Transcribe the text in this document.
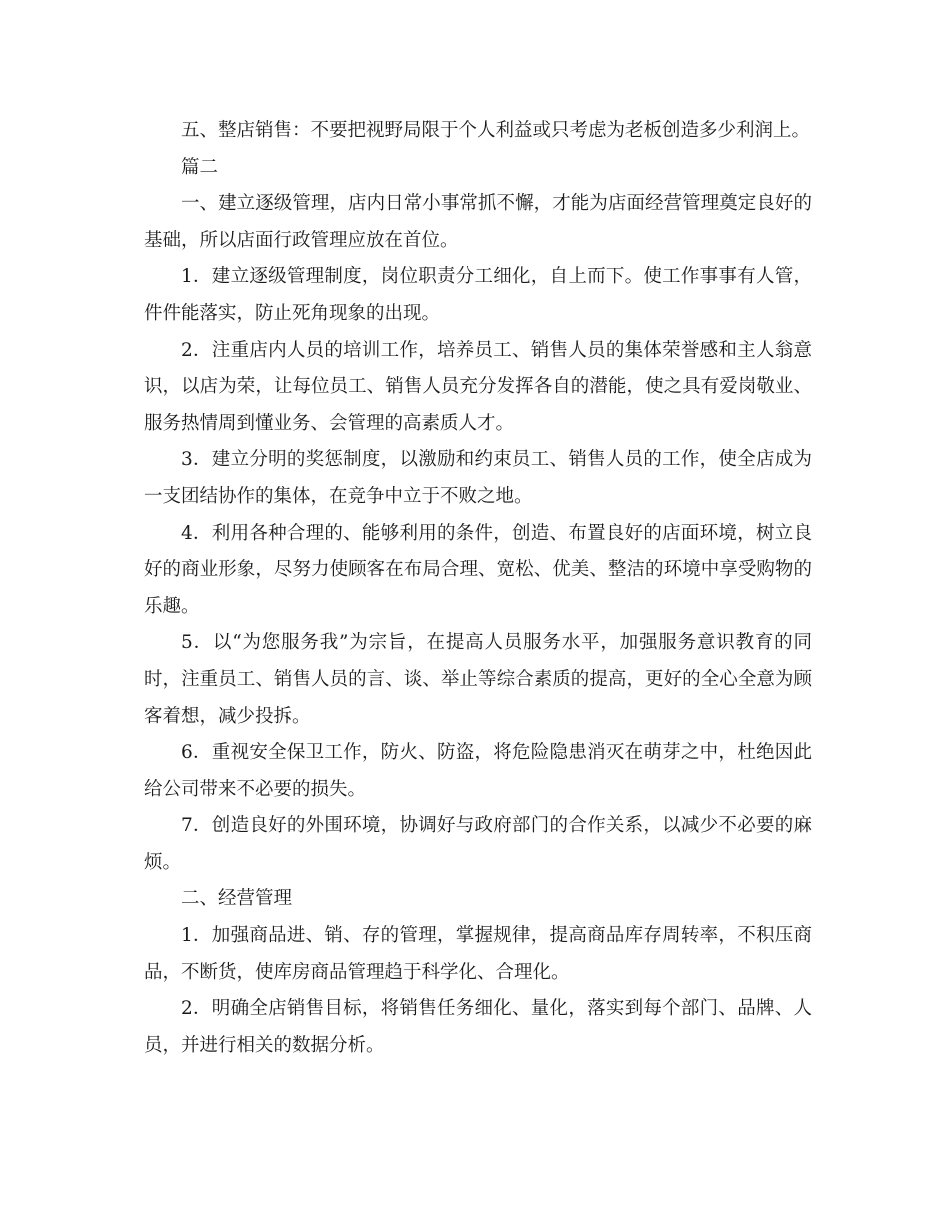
五、整店销售：不要把视野局限于个人利益或只考虑为老板创造多少利润上。

篇二

一、建立逐级管理，店内日常小事常抓不懈，才能为店面经营管理奠定良好的基础，所以店面行政管理应放在首位。

1．建立逐级管理制度，岗位职责分工细化，自上而下。使工作事事有人管，件件能落实，防止死角现象的出现。

2．注重店内人员的培训工作，培养员工、销售人员的集体荣誉感和主人翁意识，以店为荣，让每位员工、销售人员充分发挥各自的潜能，使之具有爱岗敬业、服务热情周到懂业务、会管理的高素质人才。

3．建立分明的奖惩制度，以激励和约束员工、销售人员的工作，使全店成为一支团结协作的集体，在竞争中立于不败之地。

4．利用各种合理的、能够利用的条件，创造、布置良好的店面环境，树立良好的商业形象，尽努力使顾客在布局合理、宽松、优美、整洁的环境中享受购物的乐趣。

5．以“为您服务我”为宗旨，在提高人员服务水平，加强服务意识教育的同时，注重员工、销售人员的言、谈、举止等综合素质的提高，更好的全心全意为顾客着想，减少投拆。

6．重视安全保卫工作，防火、防盗，将危险隐患消灭在萌芽之中，杜绝因此给公司带来不必要的损失。

7．创造良好的外围环境，协调好与政府部门的合作关系，以减少不必要的麻烦。

二、经营管理

1．加强商品进、销、存的管理，掌握规律，提高商品库存周转率，不积压商品，不断货，使库房商品管理趋于科学化、合理化。

2．明确全店销售目标，将销售任务细化、量化，落实到每个部门、品牌、人员，并进行相关的数据分析。
